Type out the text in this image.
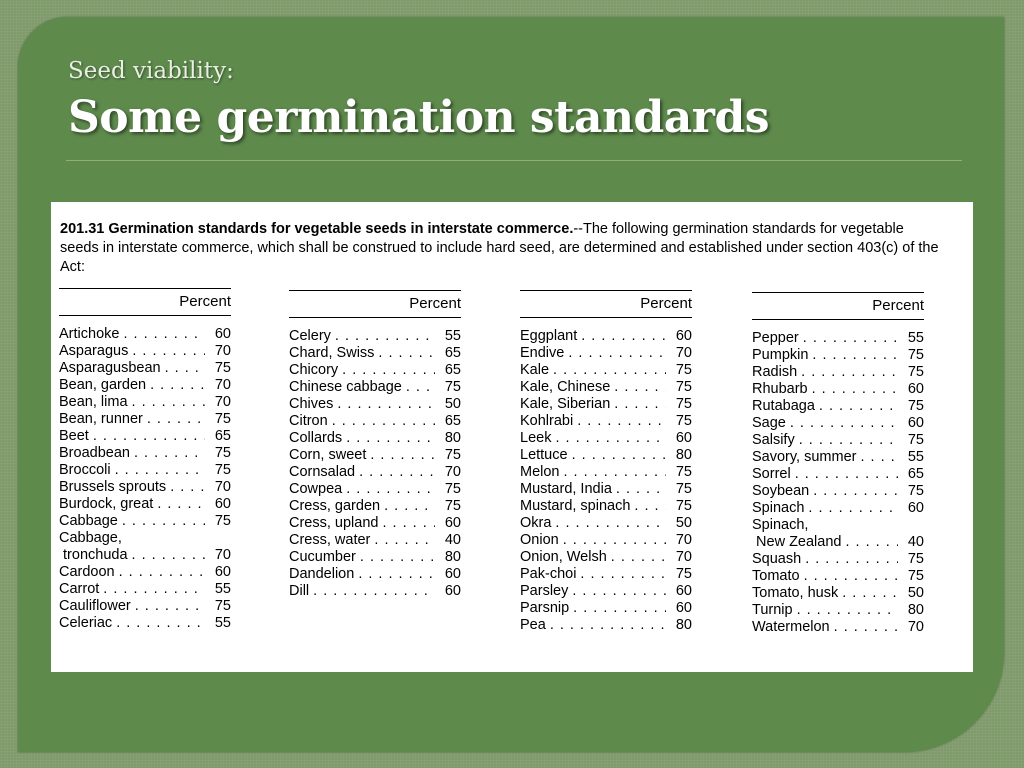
Seed viability:
Some germination standards
201.31 Germination standards for vegetable seeds in interstate commerce.--The following germination standards for vegetable seeds in interstate commerce, which shall be construed to include hard seed, are determined and established under section 403(c) of the Act:
Percent
Artichoke . . .	60
Asparagus . . .	70
Asparagusbean . . .	75
Bean, garden . . .	70
Bean, lima . . .	70
Bean, runner . . .	75
Beet . . .	65
Broadbean . . .	75
Broccoli . . .	75
Brussels sprouts . . .	70
Burdock, great . . .	60
Cabbage . . .	75
Cabbage,
tronchuda . . .	70
Cardoon . . .	60
Carrot . . .	55
Cauliflower . . .	75
Celeriac . . .	55
Percent
Celery . . .	55
Chard, Swiss . . .	65
Chicory . . .	65
Chinese cabbage . . .	75
Chives . . .	50
Citron . . .	65
Collards . . .	80
Corn, sweet . . .	75
Cornsalad . . .	70
Cowpea . . .	75
Cress, garden . . .	75
Cress, upland . . .	60
Cress, water . . .	40
Cucumber . . .	80
Dandelion . . .	60
Dill . . .	60
Percent
Eggplant . . .	60
Endive . . .	70
Kale . . .	75
Kale, Chinese . . .	75
Kale, Siberian . . .	75
Kohlrabi . . .	75
Leek . . .	60
Lettuce . . .	80
Melon . . .	75
Mustard, India . . .	75
Mustard, spinach . . .	75
Okra . . .	50
Onion . . .	70
Onion, Welsh . . .	70
Pak-choi . . .	75
Parsley . . .	60
Parsnip . . .	60
Pea . . .	80
Percent
Pepper . . .	55
Pumpkin . . .	75
Radish . . .	75
Rhubarb . . .	60
Rutabaga . . .	75
Sage . . .	60
Salsify . . .	75
Savory, summer . . .	55
Sorrel . . .	65
Soybean . . .	75
Spinach . . .	60
Spinach,
New Zealand . . .	40
Squash . . .	75
Tomato . . .	75
Tomato, husk . . .	50
Turnip . . .	80
Watermelon . . .	70
